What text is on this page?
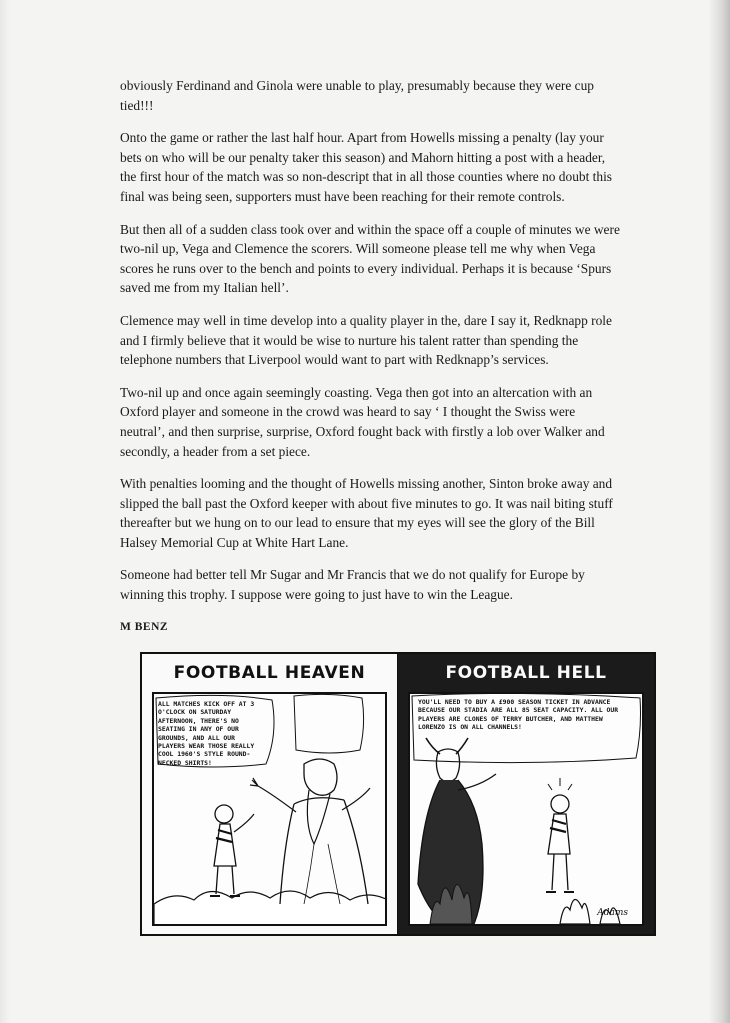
obviously Ferdinand and Ginola were unable to play, presumably because they were cup tied!!!

Onto the game or rather the last half hour. Apart from Howells missing a penalty (lay your bets on who will be our penalty taker this season) and Mahorn hitting a post with a header, the first hour of the match was so non-descript that in all those counties where no doubt this final was being seen, supporters must have been reaching for their remote controls.

But then all of a sudden class took over and within the space off a couple of minutes we were two-nil up, Vega and Clemence the scorers. Will someone please tell me why when Vega scores he runs over to the bench and points to every individual. Perhaps it is because ‘Spurs saved me from my Italian hell’.

Clemence may well in time develop into a quality player in the, dare I say it, Redknapp role and I firmly believe that it would be wise to nurture his talent ratter than spending the telephone numbers that Liverpool would want to part with Redknapp’s services.

Two-nil up and once again seemingly coasting. Vega then got into an altercation with an Oxford player and someone in the crowd was heard to say ‘ I thought the Swiss were neutral’, and then surprise, surprise, Oxford fought back with firstly a lob over Walker and secondly, a header from a set piece.

With penalties looming and the thought of Howells missing another, Sinton broke away and slipped the ball past the Oxford keeper with about five minutes to go. It was nail biting stuff thereafter but we hung on to our lead to ensure that my eyes will see the glory of the Bill Halsey Memorial Cup at White Hart Lane.

Someone had better tell Mr Sugar and Mr Francis that we do not qualify for Europe by winning this trophy. I suppose were going to just have to win the League.

M BENZ
FOOTBALL HEAVEN
ALL MATCHES KICK OFF AT 3 O'CLOCK ON SATURDAY AFTERNOON, THERE'S NO SEATING IN ANY OF OUR GROUNDS, AND ALL OUR PLAYERS WEAR THOSE REALLY COOL 1960'S STYLE ROUND-NECKED SHIRTS!
FOOTBALL HELL
YOU'LL NEED TO BUY A £900 SEASON TICKET IN ADVANCE BECAUSE OUR STADIA ARE ALL 85 SEAT CAPACITY. ALL OUR PLAYERS ARE CLONES OF TERRY BUTCHER, AND MATTHEW LORENZO IS ON ALL CHANNELS!
Adams
